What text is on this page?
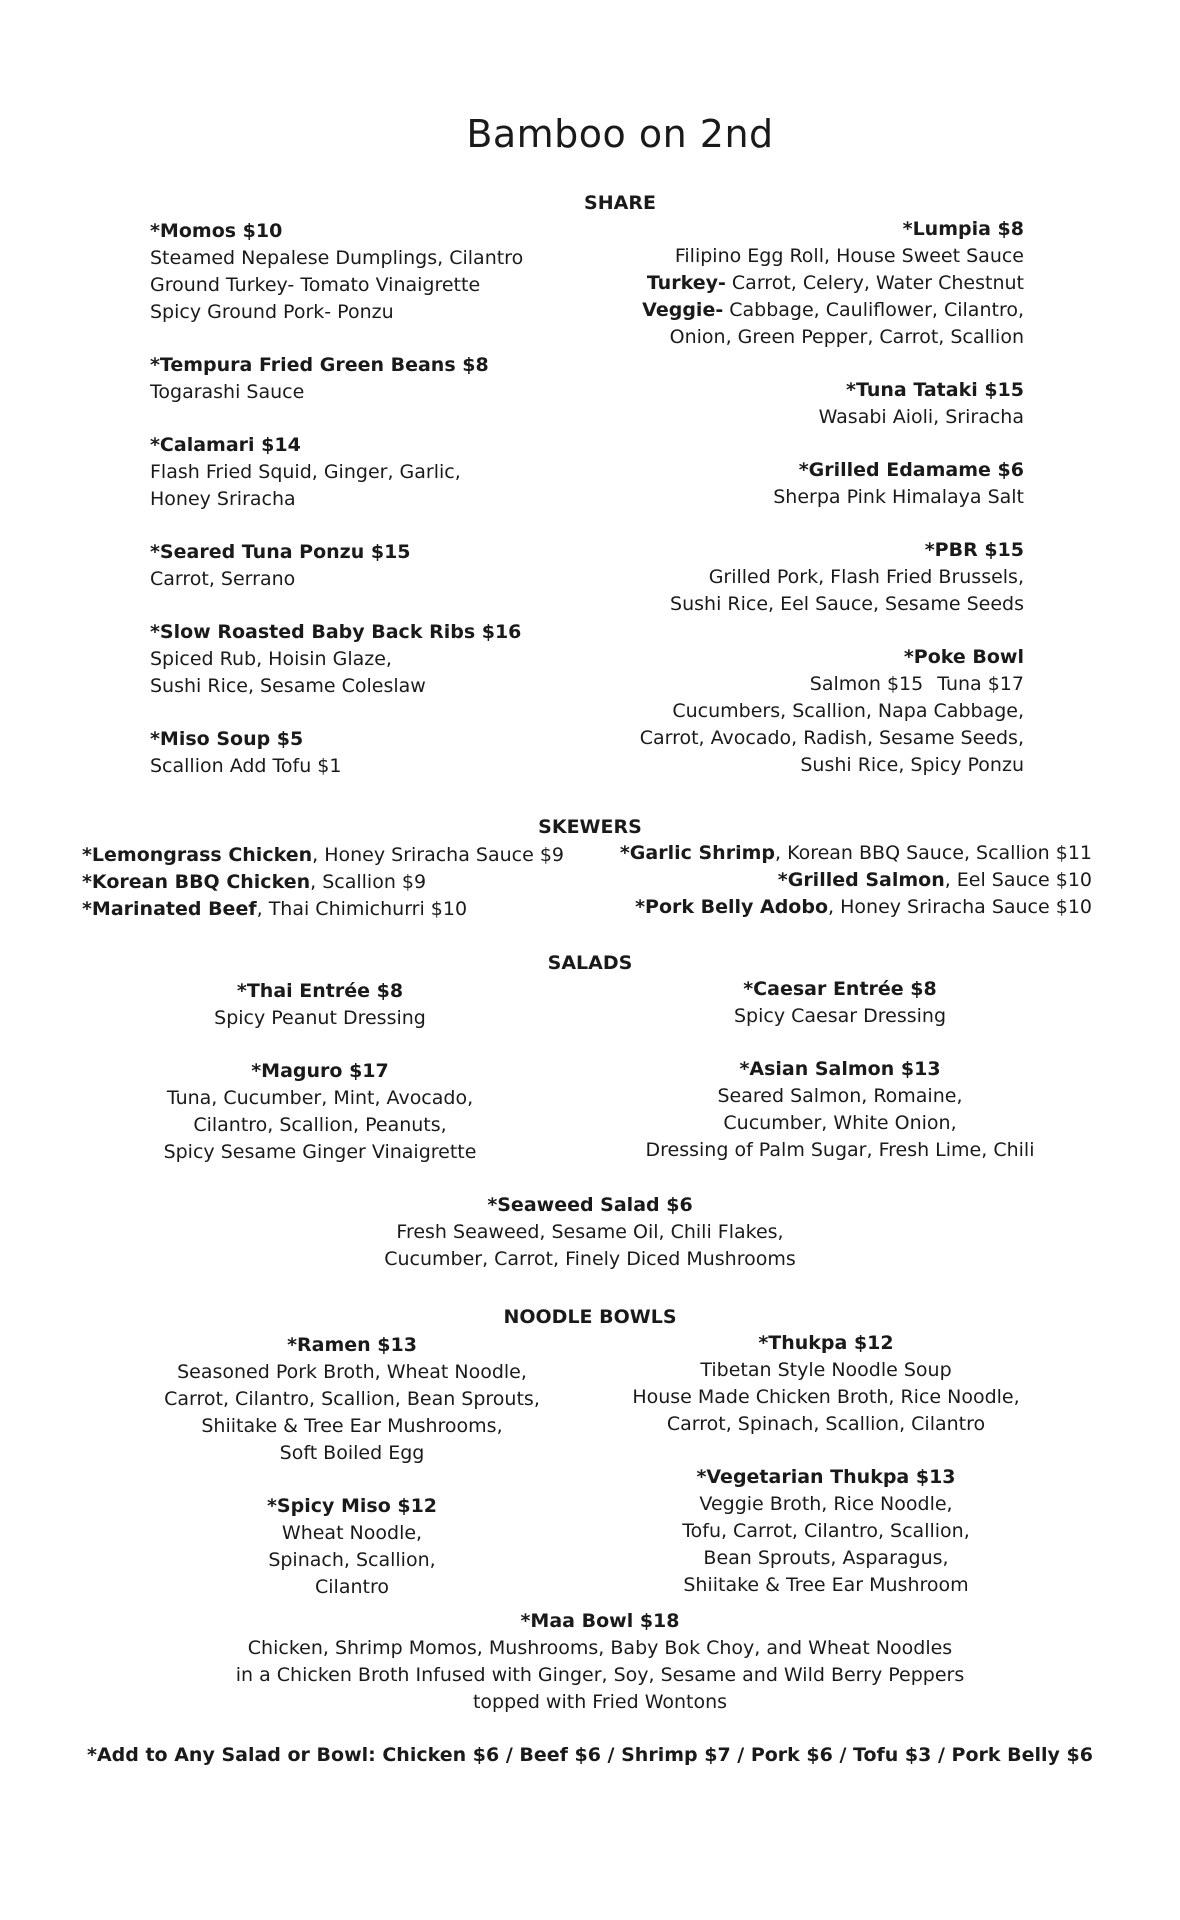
Bamboo on 2nd
SHARE
*Momos $10
Steamed Nepalese Dumplings, Cilantro
Ground Turkey- Tomato Vinaigrette
Spicy Ground Pork- Ponzu
*Tempura Fried Green Beans $8
Togarashi Sauce
*Calamari $14
Flash Fried Squid, Ginger, Garlic,
Honey Sriracha
*Seared Tuna Ponzu $15
Carrot, Serrano
*Slow Roasted Baby Back Ribs $16
Spiced Rub, Hoisin Glaze,
Sushi Rice, Sesame Coleslaw
*Miso Soup $5
Scallion Add Tofu $1
*Lumpia $8
Filipino Egg Roll, House Sweet Sauce
Turkey- Carrot, Celery, Water Chestnut
Veggie- Cabbage, Cauliflower, Cilantro,
Onion, Green Pepper, Carrot, Scallion
*Tuna Tataki $15
Wasabi Aioli, Sriracha
*Grilled Edamame $6
Sherpa Pink Himalaya Salt
*PBR $15
Grilled Pork, Flash Fried Brussels,
Sushi Rice, Eel Sauce, Sesame Seeds
*Poke Bowl
Salmon $15 Tuna $17
Cucumbers, Scallion, Napa Cabbage,
Carrot, Avocado, Radish, Sesame Seeds,
Sushi Rice, Spicy Ponzu
SKEWERS
*Lemongrass Chicken, Honey Sriracha Sauce $9
*Korean BBQ Chicken, Scallion $9
*Marinated Beef, Thai Chimichurri $10
*Garlic Shrimp, Korean BBQ Sauce, Scallion $11
*Grilled Salmon, Eel Sauce $10
*Pork Belly Adobo, Honey Sriracha Sauce $10
SALADS
*Thai Entrée $8
Spicy Peanut Dressing
*Maguro $17
Tuna, Cucumber, Mint, Avocado,
Cilantro, Scallion, Peanuts,
Spicy Sesame Ginger Vinaigrette
*Caesar Entrée $8
Spicy Caesar Dressing
*Asian Salmon $13
Seared Salmon, Romaine,
Cucumber, White Onion,
Dressing of Palm Sugar, Fresh Lime, Chili
*Seaweed Salad $6
Fresh Seaweed, Sesame Oil, Chili Flakes,
Cucumber, Carrot, Finely Diced Mushrooms
NOODLE BOWLS
*Ramen $13
Seasoned Pork Broth, Wheat Noodle,
Carrot, Cilantro, Scallion, Bean Sprouts,
Shiitake & Tree Ear Mushrooms,
Soft Boiled Egg
*Spicy Miso $12
Wheat Noodle,
Spinach, Scallion,
Cilantro
*Thukpa $12
Tibetan Style Noodle Soup
House Made Chicken Broth, Rice Noodle,
Carrot, Spinach, Scallion, Cilantro
*Vegetarian Thukpa $13
Veggie Broth, Rice Noodle,
Tofu, Carrot, Cilantro, Scallion,
Bean Sprouts, Asparagus,
Shiitake & Tree Ear Mushroom
*Maa Bowl $18
Chicken, Shrimp Momos, Mushrooms, Baby Bok Choy, and Wheat Noodles
in a Chicken Broth Infused with Ginger, Soy, Sesame and Wild Berry Peppers
topped with Fried Wontons
*Add to Any Salad or Bowl: Chicken $6 / Beef $6 / Shrimp $7 / Pork $6 / Tofu $3 / Pork Belly $6
